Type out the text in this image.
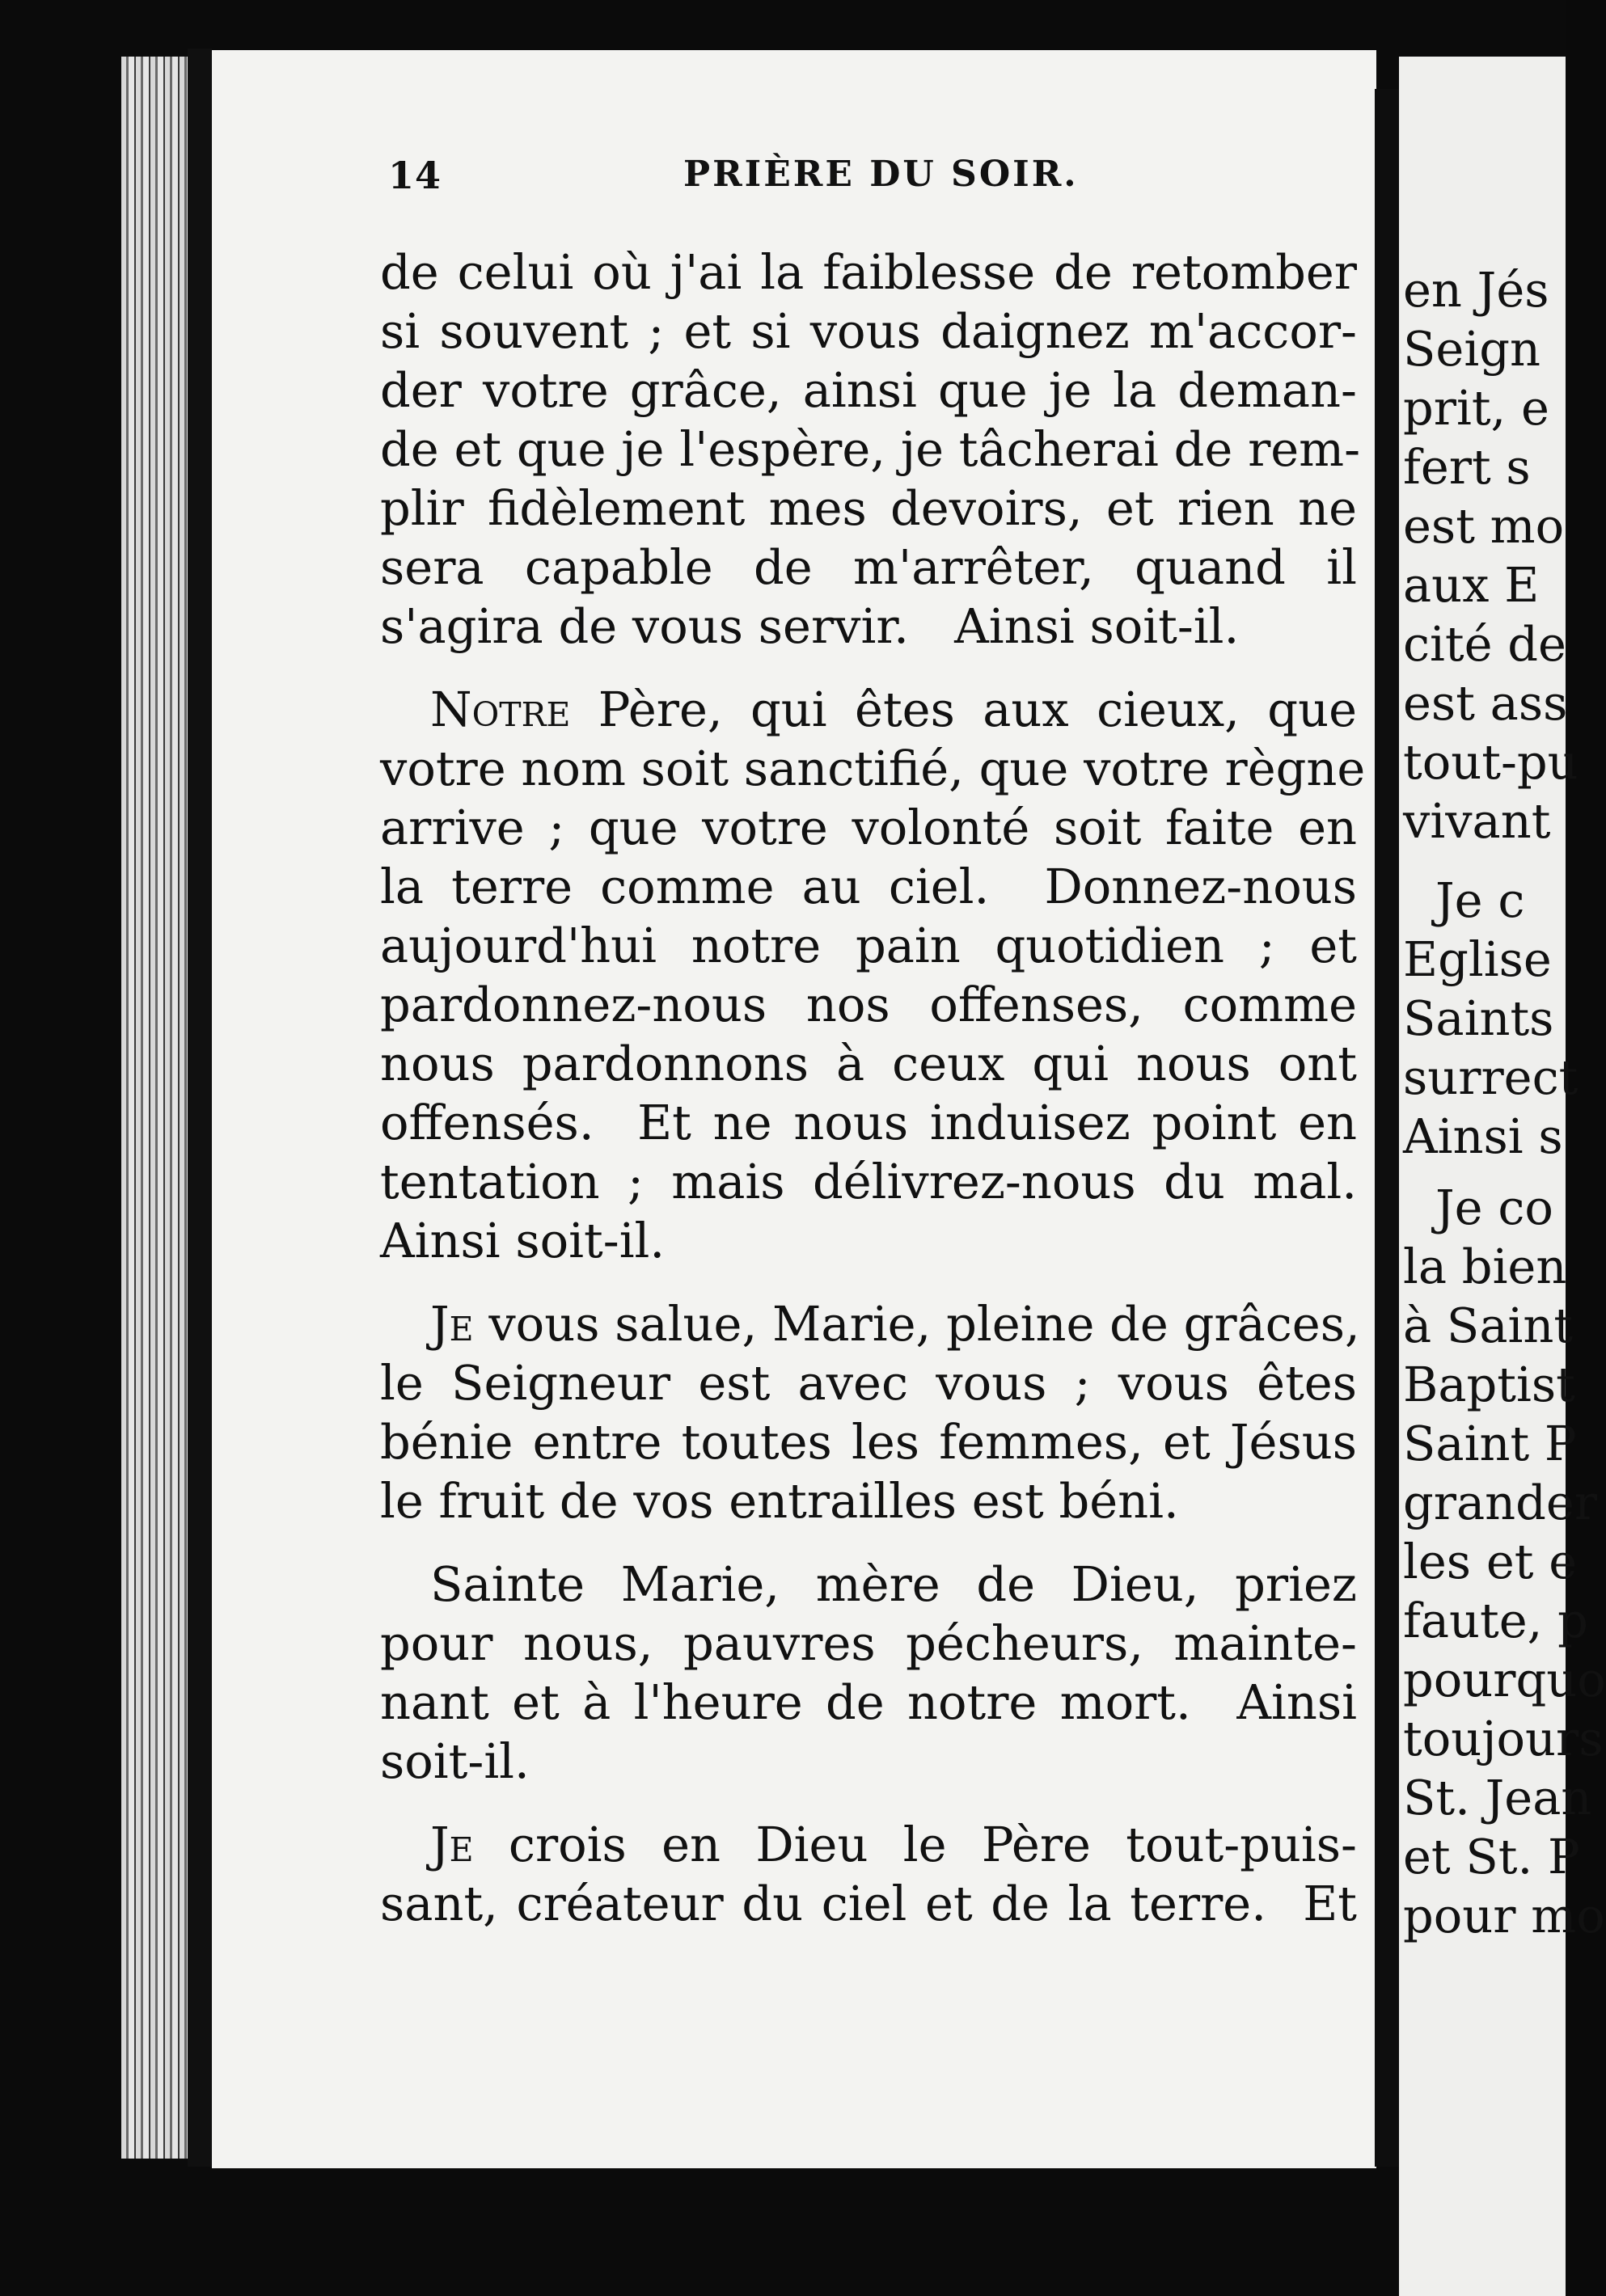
14	PRIÈRE DU SOIR.
de celui où j'ai la faiblesse de retomber
si souvent ; et si vous daignez m'accor-
der votre grâce, ainsi que je la deman-
de et que je l'espère, je tâcherai de rem-
plir fidèlement mes devoirs, et rien ne
sera capable de m'arrêter, quand il
s'agira de vous servir.   Ainsi soit-il.
Notre Père, qui êtes aux cieux, que
votre nom soit sanctifié, que votre règne
arrive ; que votre volonté soit faite en
la terre comme au ciel.  Donnez-nous
aujourd'hui notre pain quotidien ; et
pardonnez-nous nos offenses, comme
nous pardonnons à ceux qui nous ont
offensés.  Et ne nous induisez point en
tentation ; mais délivrez-nous du mal.
Ainsi soit-il.
Je vous salue, Marie, pleine de grâces,
le Seigneur est avec vous ; vous êtes
bénie entre toutes les femmes, et Jésus
le fruit de vos entrailles est béni.
Sainte Marie, mère de Dieu, priez
pour nous, pauvres pécheurs, mainte-
nant et à l'heure de notre mort.  Ainsi
soit-il.
Je crois en Dieu le Père tout-puis-
sant, créateur du ciel et de la terre.  Et
en Jés
Seign
prit, e
fert s
est mo
aux E
cité de
est ass
tout-pu
vivant
Je c
Eglise
Saints
surrect
Ainsi s
Je co
la bien
à Saint
Baptist
Saint P
grander
les et e
faute, p
pourquo
toujours
St. Jean
et St. P
pour mo
